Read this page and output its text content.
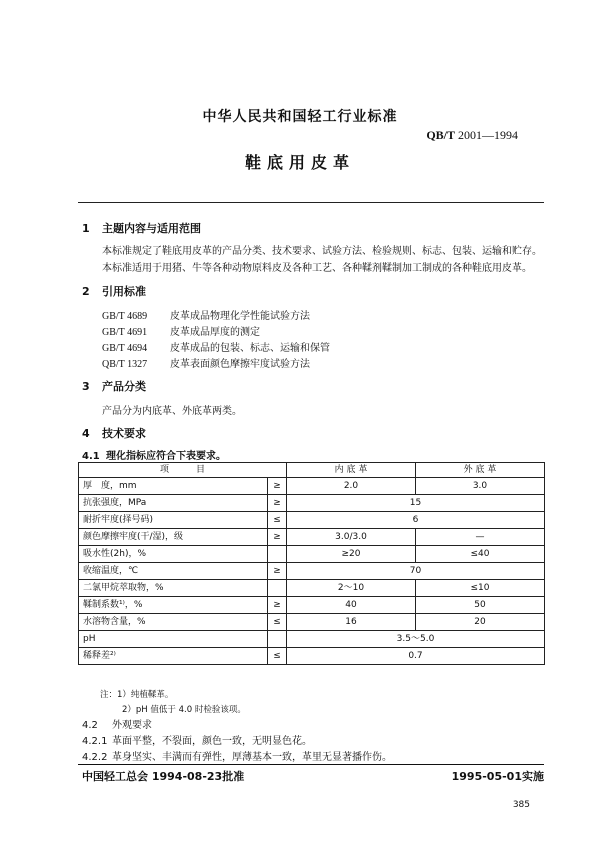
中华人民共和国轻工行业标准
QB/T 2001—1994
鞋底用皮革
1 主题内容与适用范围
本标准规定了鞋底用皮革的产品分类、技术要求、试验方法、检验规则、标志、包装、运输和贮存。
本标准适用于用猪、牛等各种动物原料皮及各种工艺、各种鞣剂鞣制加工制成的各种鞋底用皮革。
2 引用标准
GB/T 4689 皮革成品物理化学性能试验方法
GB/T 4691 皮革成品厚度的测定
GB/T 4694 皮革成品的包装、标志、运输和保管
QB/T 1327 皮革表面颜色摩擦牢度试验方法
3 产品分类
产品分为内底革、外底革两类。
4 技术要求
4.1 理化指标应符合下表要求。
项　　　目		内 底 革	外 底 革
厚　度，mm	≥	2.0	3.0
抗张强度，MPa	≥	15	
耐折牢度(择号码)	≤	6	
颜色摩擦牢度(干/湿)，级	≥	3.0/3.0	—
吸水性(2h)，%		≥20	≤40
收缩温度，℃	≥	70	
二氯甲烷萃取物，%		2～10	≤10
鞣制系数¹⁾，%	≥	40	50
水溶物含量，%	≤	16	20
pH		3.5～5.0	
稀释差²⁾	≤	0.7	
注：1）纯植鞣革。
2）pH 值低于 4.0 时检验该项。
4.2 外观要求
4.2.1 革面平整，不裂面，颜色一致，无明显色花。
4.2.2 革身坚实、丰满而有弹性，厚薄基本一致，革里无显著播作伤。
中国轻工总会 1994-08-23批准	1995-05-01实施
385
